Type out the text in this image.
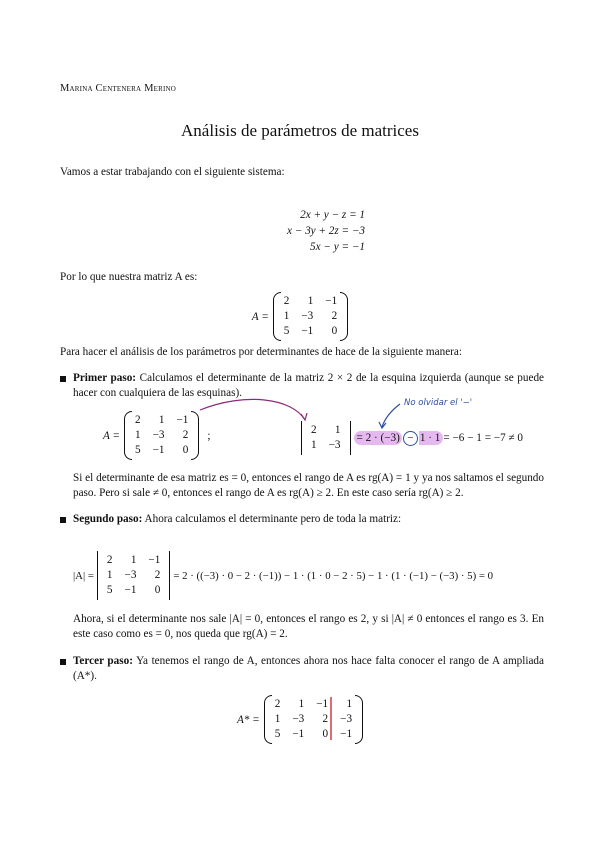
Marina Centenera Merino
Análisis de parámetros de matrices
Vamos a estar trabajando con el siguiente sistema:
2x + y − z = 1
x − 3y + 2z = −3
5x − y = −1
Por lo que nuestra matriz A es:
A =
2	1	−1
1	−3	2
5	−1	0
Para hacer el análisis de los parámetros por determinantes de hace de la siguiente manera:
Primer paso: Calculamos el determinante de la matriz 2 × 2 de la esquina izquierda (aunque se puede hacer con cualquiera de las esquinas).
A =
2	1	−1
1	−3	2
5	−1	0
;	2	1
1	−3
= 2 · (−3) − 1 · 1 = −6 − 1 = −7 ≠ 0
No olvidar el '−'
Si el determinante de esa matriz es = 0, entonces el rango de A es rg(A) = 1 y ya nos saltamos el segundo paso. Pero si sale ≠ 0, entonces el rango de A es rg(A) ≥ 2. En este caso sería rg(A) ≥ 2.
Segundo paso: Ahora calculamos el determinante pero de toda la matriz:
|A| =
2	1	−1
1	−3	2
5	−1	0
= 2 · ((−3) · 0 − 2 · (−1)) − 1 · (1 · 0 − 2 · 5) − 1 · (1 · (−1) − (−3) · 5) = 0
Ahora, si el determinante nos sale |A| = 0, entonces el rango es 2, y si |A| ≠ 0 entonces el rango es 3. En este caso como es = 0, nos queda que rg(A) = 2.
Tercer paso: Ya tenemos el rango de A, entonces ahora nos hace falta conocer el rango de A ampliada (A*).
A* =
2	1	−1	1
1	−3	2	−3
5	−1	0	−1
